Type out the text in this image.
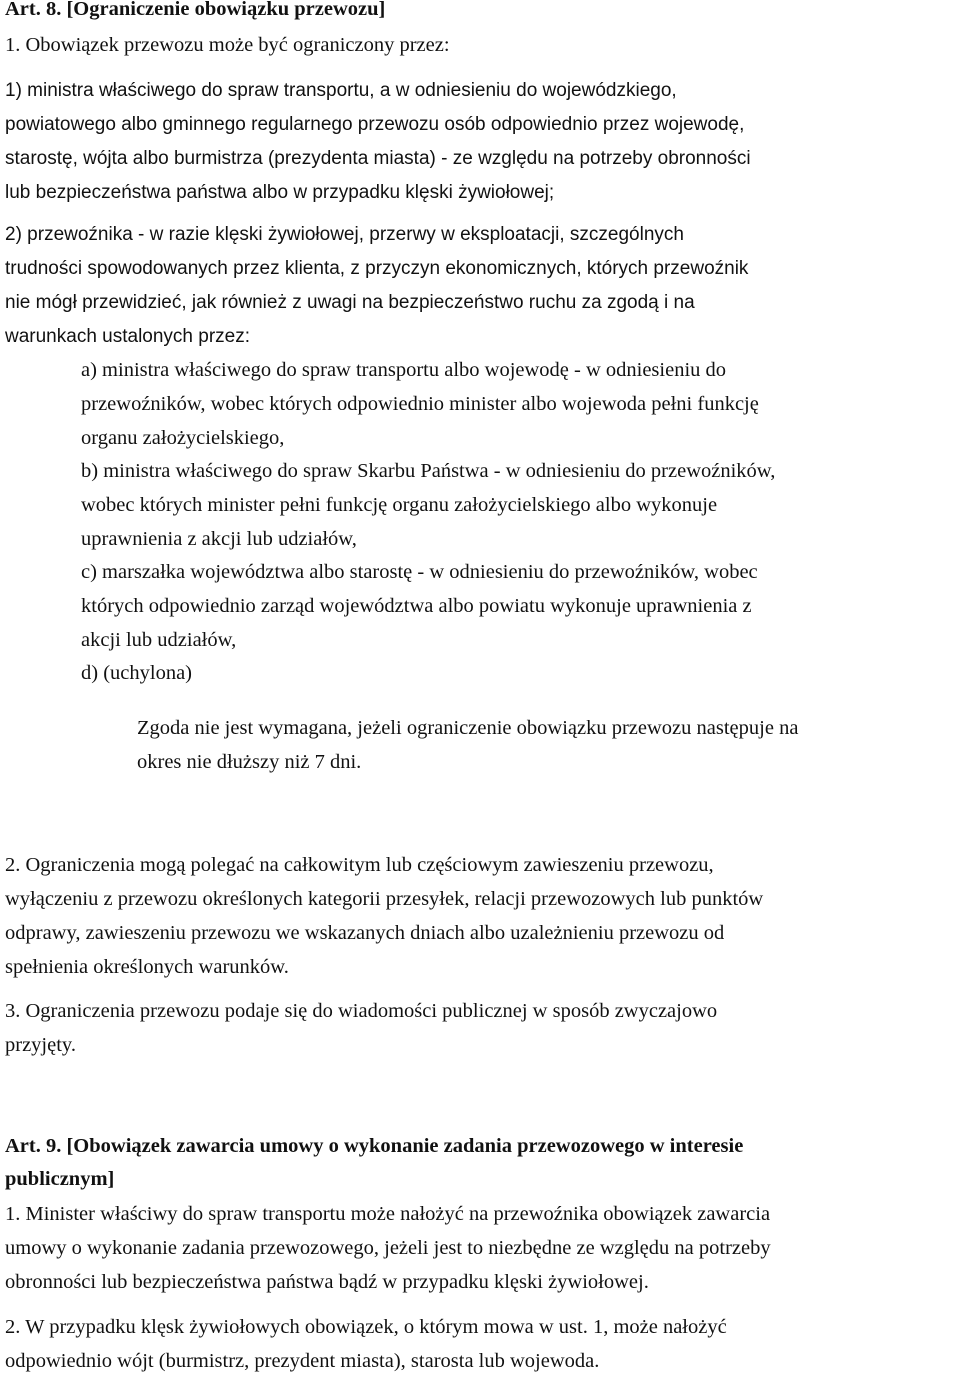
Art. 8. [Ograniczenie obowiązku przewozu]

1. Obowiązek przewozu może być ograniczony przez:

1) ministra właściwego do spraw transportu, a w odniesieniu do wojewódzkiego,
powiatowego albo gminnego regularnego przewozu osób odpowiednio przez wojewodę,
starostę, wójta albo burmistrza (prezydenta miasta) - ze względu na potrzeby obronności
lub bezpieczeństwa państwa albo w przypadku klęski żywiołowej;

2) przewoźnika - w razie klęski żywiołowej, przerwy w eksploatacji, szczególnych
trudności spowodowanych przez klienta, z przyczyn ekonomicznych, których przewoźnik
nie mógł przewidzieć, jak również z uwagi na bezpieczeństwo ruchu za zgodą i na
warunkach ustalonych przez:

a) ministra właściwego do spraw transportu albo wojewodę - w odniesieniu do
przewoźników, wobec których odpowiednio minister albo wojewoda pełni funkcję
organu założycielskiego,

b) ministra właściwego do spraw Skarbu Państwa - w odniesieniu do przewoźników,
wobec których minister pełni funkcję organu założycielskiego albo wykonuje
uprawnienia z akcji lub udziałów,

c) marszałka województwa albo starostę - w odniesieniu do przewoźników, wobec
których odpowiednio zarząd województwa albo powiatu wykonuje uprawnienia z
akcji lub udziałów,

d) (uchylona)

Zgoda nie jest wymagana, jeżeli ograniczenie obowiązku przewozu następuje na
okres nie dłuższy niż 7 dni.

2. Ograniczenia mogą polegać na całkowitym lub częściowym zawieszeniu przewozu,
wyłączeniu z przewozu określonych kategorii przesyłek, relacji przewozowych lub punktów
odprawy, zawieszeniu przewozu we wskazanych dniach albo uzależnieniu przewozu od
spełnienia określonych warunków.

3. Ograniczenia przewozu podaje się do wiadomości publicznej w sposób zwyczajowo
przyjęty.

Art. 9. [Obowiązek zawarcia umowy o wykonanie zadania przewozowego w interesie
publicznym]

1. Minister właściwy do spraw transportu może nałożyć na przewoźnika obowiązek zawarcia
umowy o wykonanie zadania przewozowego, jeżeli jest to niezbędne ze względu na potrzeby
obronności lub bezpieczeństwa państwa bądź w przypadku klęski żywiołowej.

2. W przypadku klęsk żywiołowych obowiązek, o którym mowa w ust. 1, może nałożyć
odpowiednio wójt (burmistrz, prezydent miasta), starosta lub wojewoda.
